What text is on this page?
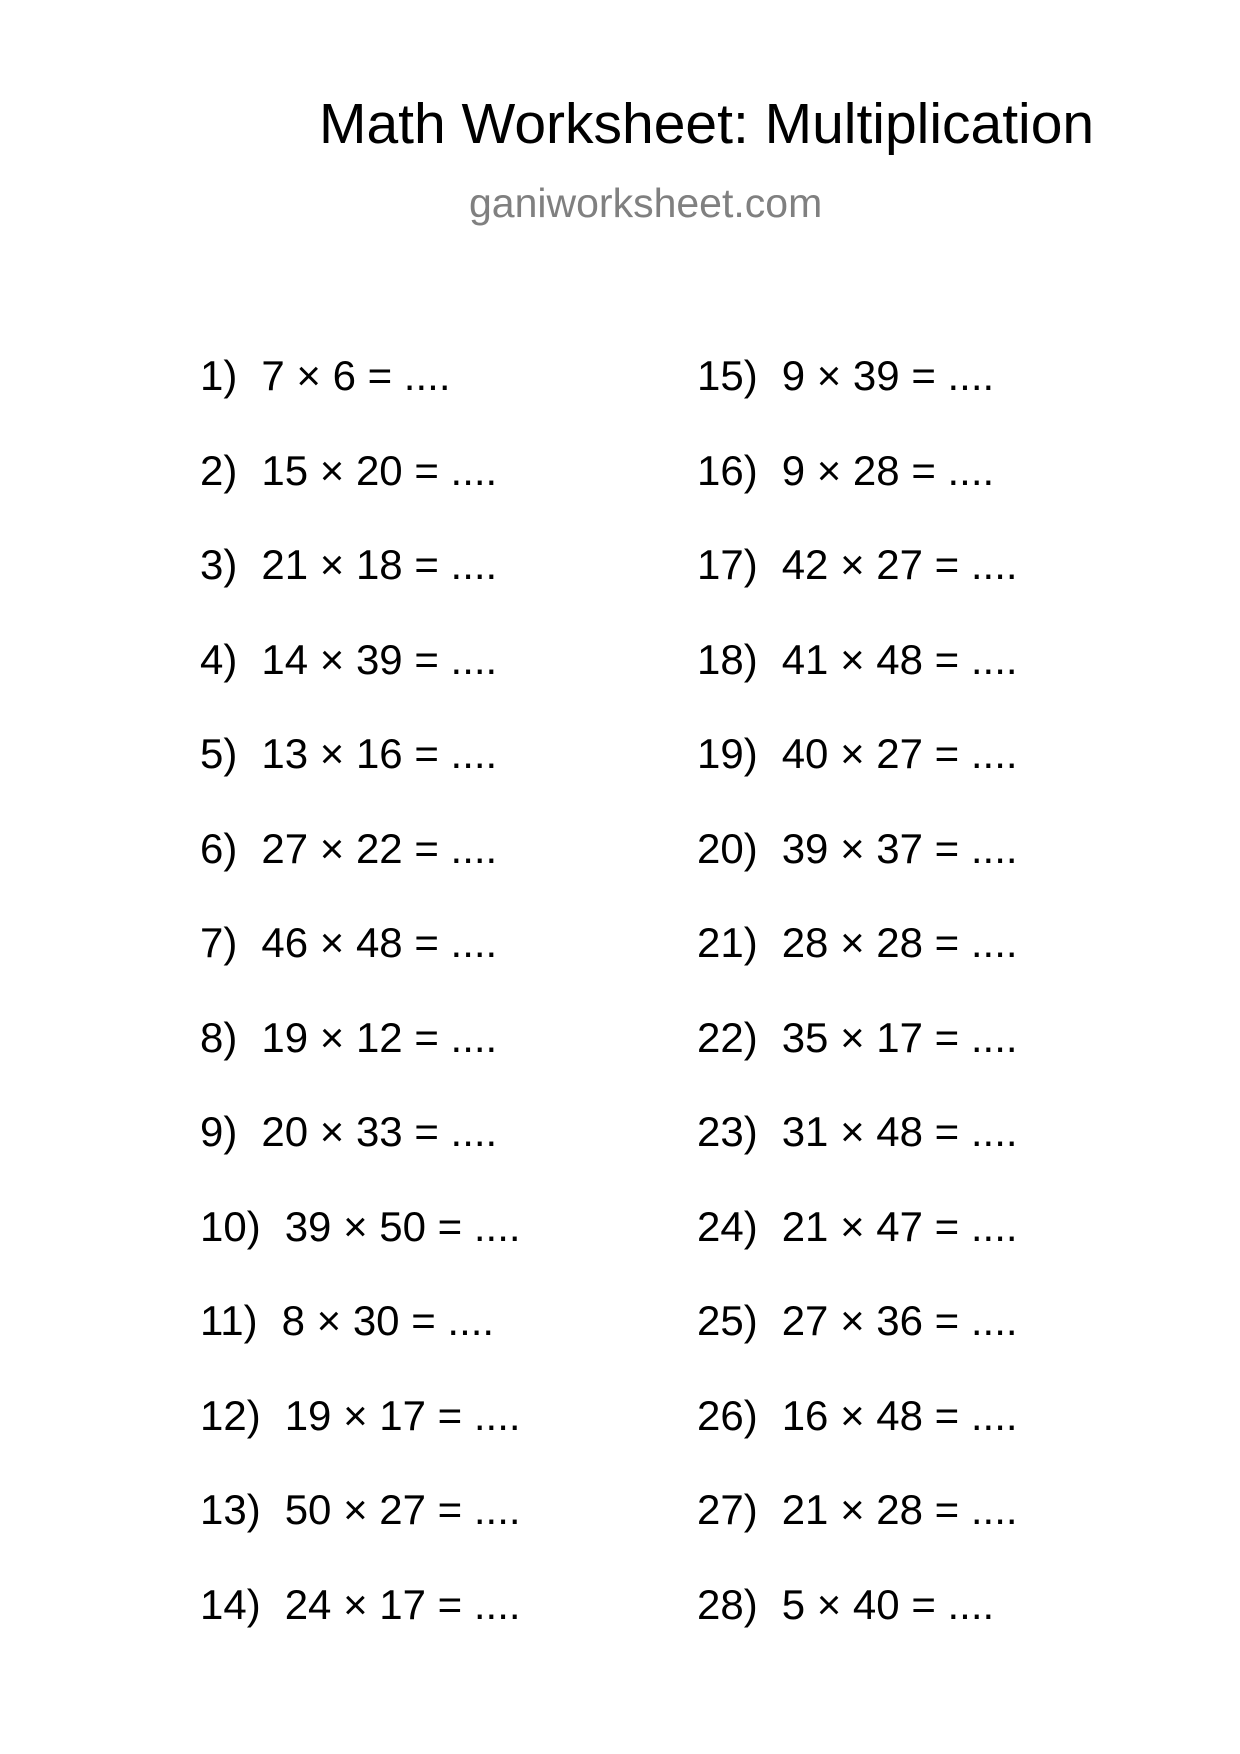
Math Worksheet: Multiplication
ganiworksheet.com
1) 7 × 6 = ....
2) 15 × 20 = ....
3) 21 × 18 = ....
4) 14 × 39 = ....
5) 13 × 16 = ....
6) 27 × 22 = ....
7) 46 × 48 = ....
8) 19 × 12 = ....
9) 20 × 33 = ....
10) 39 × 50 = ....
11) 8 × 30 = ....
12) 19 × 17 = ....
13) 50 × 27 = ....
14) 24 × 17 = ....
15) 9 × 39 = ....
16) 9 × 28 = ....
17) 42 × 27 = ....
18) 41 × 48 = ....
19) 40 × 27 = ....
20) 39 × 37 = ....
21) 28 × 28 = ....
22) 35 × 17 = ....
23) 31 × 48 = ....
24) 21 × 47 = ....
25) 27 × 36 = ....
26) 16 × 48 = ....
27) 21 × 28 = ....
28) 5 × 40 = ....
